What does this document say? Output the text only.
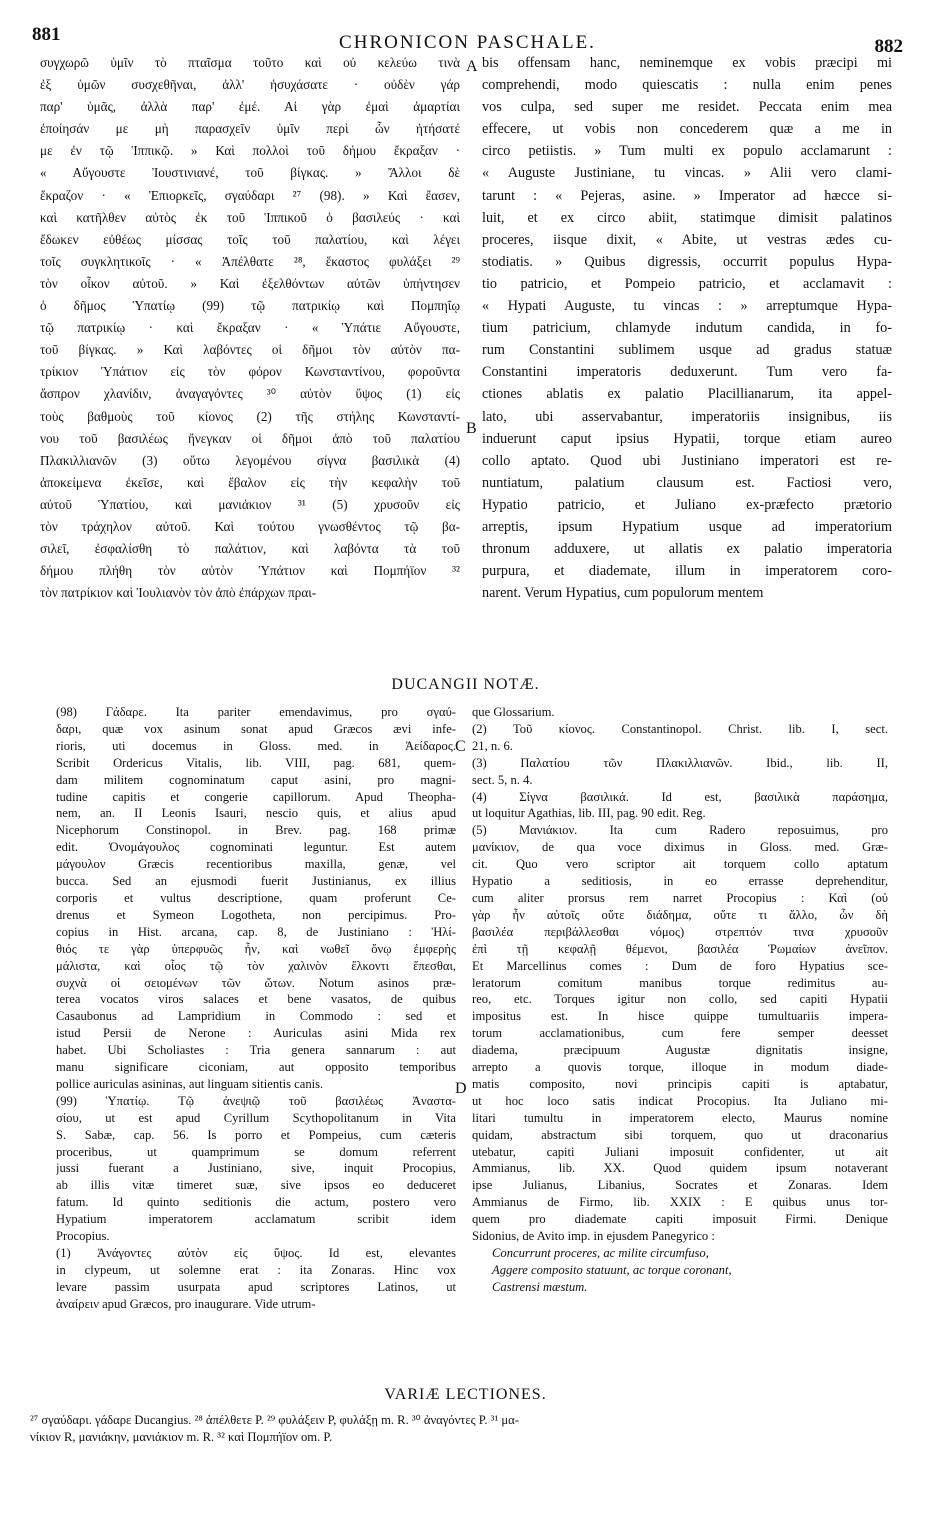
881	CHRONICON PASCHALE.	882
συγχωρῶ ὑμῖν τὸ πταῖσμα τοῦτο καὶ οὐ κελεύω τινὰ
ἐξ ὑμῶν συσχεθῆναι, ἀλλ' ἡσυχάσατε · οὐδὲν γάρ
παρ' ὑμᾶς, ἀλλὰ παρ' ἐμέ. Αἱ γὰρ ἐμαὶ ἁμαρτίαι
ἐποίησάν με μὴ παρασχεῖν ὑμῖν περὶ ὧν ἠτήσατέ
με ἐν τῷ Ἱππικῷ. » Καὶ πολλοὶ τοῦ δήμου ἔκραξαν ·
« Αὔγουστε Ἰουστινιανέ, τοῦ βίγκας. » Ἄλλοι δὲ
ἔκραζον · « Ἐπιορκεῖς, σγαύδαρι ²⁷ (98). » Καὶ ἔασεν,
καὶ κατῆλθεν αὐτὸς ἐκ τοῦ Ἱππικοῦ ὁ βασιλεύς · καὶ
ἔδωκεν εὐθέως μίσσας τοῖς τοῦ παλατίου, καὶ λέγει
τοῖς συγκλητικοῖς · « Ἀπέλθατε ²⁸, ἕκαστος φυλάξει ²⁹
τὸν οἶκον αὐτοῦ. » Καὶ ἐξελθόντων αὐτῶν ὑπήντησεν
ὁ δῆμος Ὑπατίῳ (99) τῷ πατρικίῳ καὶ Πομπηΐῳ
τῷ πατρικίῳ · καὶ ἔκραξαν · « Ὑπάτιε Αὔγουστε,
τοῦ βίγκας. » Καὶ λαβόντες οἱ δῆμοι τὸν αὐτὸν πα-
τρίκιον Ὑπάτιον εἰς τὸν φόρον Κωνσταντίνου, φοροῦντα
ἄσπρον χλανίδιν, ἀναγαγόντες ³⁰ αὐτὸν ὕψος (1) εἰς
τοὺς βαθμοὺς τοῦ κίονος (2) τῆς στήλης Κωνσταντί-
νου τοῦ βασιλέως ἤνεγκαν οἱ δῆμοι ἀπὸ τοῦ παλατίου
Πλακιλλιανῶν (3) οὕτω λεγομένου σίγνα βασιλικὰ (4)
ἀποκείμενα ἐκεῖσε, καὶ ἔβαλον εἰς τὴν κεφαλὴν τοῦ
αὐτοῦ Ὑπατίου, καὶ μανιάκιον ³¹ (5) χρυσοῦν εἰς
τὸν τράχηλον αὐτοῦ. Καὶ τούτου γνωσθέντος τῷ βα-
σιλεῖ, ἐσφαλίσθη τὸ παλάτιον, καὶ λαβόντα τὰ τοῦ
δήμου πλήθη τὸν αὐτὸν Ὑπάτιον καὶ Πομπήϊον ³²
τὸν πατρίκιον καὶ Ἰουλιανὸν τὸν ἀπὸ ἐπάρχων πραι-
bis offensam hanc, neminemque ex vobis præcipi mi
comprehendi, modo quiescatis : nulla enim penes
vos culpa, sed super me residet. Peccata enim mea
effecere, ut vobis non concederem quæ a me in
circo petiistis. » Tum multi ex populo acclamarunt :
« Auguste Justiniane, tu vincas. » Alii vero clami-
tarunt : « Pejeras, asine. » Imperator ad hæcce si-
luit, et ex circo abiit, statimque dimisit palatinos
proceres, iisque dixit, « Abite, ut vestras ædes cu-
stodiatis. » Quibus digressis, occurrit populus Hypa-
tio patricio, et Pompeio patricio, et acclamavit :
« Hypati Auguste, tu vincas : » arreptumque Hypa-
tium patricium, chlamyde indutum candida, in fo-
rum Constantini sublimem usque ad gradus statuæ
Constantini imperatoris deduxerunt. Tum vero fa-
ctiones ablatis ex palatio Placillianarum, ita appel-
lato, ubi asservabantur, imperatoriis insignibus, iis
induerunt caput ipsius Hypatii, torque etiam aureo
collo aptato. Quod ubi Justiniano imperatori est re-
nuntiatum, palatium clausum est. Factiosi vero,
Hypatio patricio, et Juliano ex-præfecto prætorio
arreptis, ipsum Hypatium usque ad imperatorium
thronum adduxere, ut allatis ex palatio imperatoria
purpura, et diademate, illum in imperatorem coro-
narent. Verum Hypatius, cum populorum mentem
A
B
C
D
DUCANGII NOTÆ.
(98) Γάδαρε. Ita pariter emendavimus, pro σγαύ-
δαρι, quæ vox asinum sonat apud Græcos ævi infe-
rioris, uti docemus in Gloss. med. in Ἀείδαρος.
Scribit Ordericus Vitalis, lib. VIII, pag. 681, quem-
dam militem cognominatum caput asini, pro magni-
tudine capitis et congerie capillorum. Apud Theopha-
nem, an. II Leonis Isauri, nescio quis, et alius apud
Nicephorum Constinopol. in Brev. pag. 168 primæ
edit. Ὀνομάγουλος cognominati leguntur. Est autem
μάγουλον Græcis recentioribus maxilla, genæ, vel
bucca. Sed an ejusmodi fuerit Justinianus, ex illius
corporis et vultus descriptione, quam proferunt Ce-
drenus et Symeon Logotheta, non percipimus. Pro-
copius in Hist. arcana, cap. 8, de Justiniano : Ἠλί-
θιός τε γὰρ ὑπερφυῶς ἦν, καὶ νωθεῖ ὄνῳ ἐμφερὴς
μάλιστα, καὶ οἷος τῷ τὸν χαλινὸν ἕλκοντι ἕπεσθαι,
συχνὰ οἱ σειομένων τῶν ὤτων. Notum asinos præ-
terea vocatos viros salaces et bene vasatos, de quibus
Casaubonus ad Lampridium in Commodo : sed et
istud Persii de Nerone : Auriculas asini Mida rex
habet. Ubi Scholiastes : Tria genera sannarum : aut
manu significare ciconiam, aut opposito temporibus
pollice auriculas asininas, aut linguam sitientis canis.
(99) Ὑπατίῳ. Τῷ ἀνεψιῷ τοῦ βασιλέως Ἀναστα-
σίου, ut est apud Cyrillum Scythopolitanum in Vita
S. Sabæ, cap. 56. Is porro et Pompeius, cum cæteris
proceribus, ut quamprimum se domum referrent
jussi fuerant a Justiniano, sive, inquit Procopius,
ab illis vitæ timeret suæ, sive ipsos eo deduceret
fatum. Id quinto seditionis die actum, postero vero
Hypatium imperatorem acclamatum scribit idem
Procopius.
(1) Ἀνάγοντες αὐτὸν εἰς ὕψος. Id est, elevantes
in clypeum, ut solemne erat : ita Zonaras. Hinc vox
levare passim usurpata apud scriptores Latinos, ut
ἀναίρειν apud Græcos, pro inaugurare. Vide utrum-
que Glossarium.
(2) Τοῦ κίονος. Constantinopol. Christ. lib. I, sect.
21, n. 6.
(3) Παλατίου τῶν Πλακιλλιανῶν. Ibid., lib. II,
sect. 5, n. 4.
(4) Σίγνα βασιλικά. Id est, βασιλικὰ παράσημα,
ut loquitur Agathias, lib. III, pag. 90 edit. Reg.
(5) Μανιάκιον. Ita cum Radero reposuimus, pro
μανίκιον, de qua voce diximus in Gloss. med. Græ-
cit. Quo vero scriptor ait torquem collo aptatum
Hypatio a seditiosis, in eo errasse deprehenditur,
cum aliter prorsus rem narret Procopius : Καὶ (οὐ
γὰρ ἦν αὐτοῖς οὔτε διάδημα, οὔτε τι ἄλλο, ὧν δὴ
βασιλέα περιβάλλεσθαι νόμος) στρεπτόν τινα χρυσοῦν
ἐπὶ τῇ κεφαλῇ θέμενοι, βασιλέα Ῥωμαίων ἀνεῖπον.
Et Marcellinus comes : Dum de foro Hypatius sce-
leratorum comitum manibus torque redimitus au-
reo, etc. Torques igitur non collo, sed capiti Hypatii
impositus est. In hisce quippe tumultuariis impera-
torum acclamationibus, cum fere semper deesset
diadema, præcipuum Augustæ dignitatis insigne,
arrepto a quovis torque, illoque in modum diade-
matis composito, novi principis capiti is aptabatur,
ut hoc loco satis indicat Procopius. Ita Juliano mi-
litari tumultu in imperatorem electo, Maurus nomine
quidam, abstractum sibi torquem, quo ut draconarius
utebatur, capiti Juliani imposuit confidenter, ut ait
Ammianus, lib. XX. Quod quidem ipsum notaverant
ipse Julianus, Libanius, Socrates et Zonaras. Idem
Ammianus de Firmo, lib. XXIX : E quibus unus tor-
quem pro diademate capiti imposuit Firmi. Denique
Sidonius, de Avito imp. in ejusdem Panegyrico :
Concurrunt proceres, ac milite circumfuso,
Aggere composito statuunt, ac torque coronant,
Castrensi mæstum.
VARIÆ LECTIONES.
²⁷ σγαύδαρι. γάδαρε Ducangius. ²⁸ ἀπέλθετε P. ²⁹ φυλάξειν P, φυλάξῃ m. R. ³⁰ ἀναγόντες P. ³¹ μα-
νίκιον R, μανιάκην, μανιάκιον m. R. ³² καὶ Πομπήϊον om. P.
